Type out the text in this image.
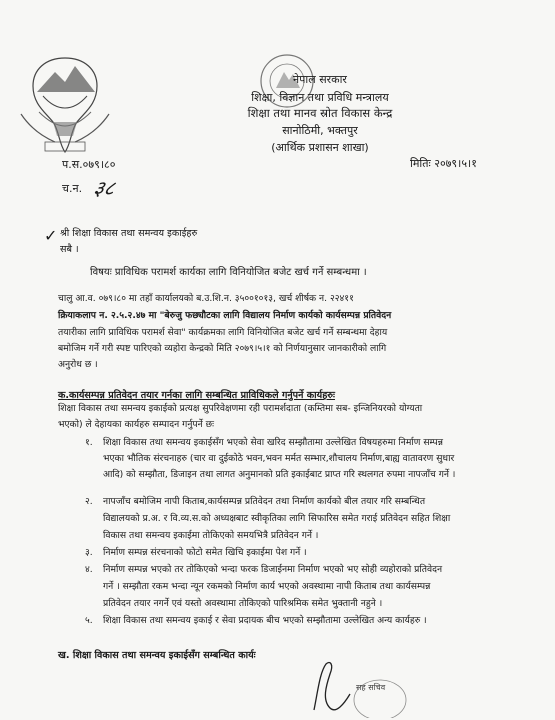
नेपाल सरकार
शिक्षा, विज्ञान तथा प्रविधि मन्त्रालय
शिक्षा तथा मानव स्रोत विकास केन्द्र
सानोठिमी, भक्तपुर
(आर्थिक प्रशासन शाखा)
प.स.०७९।८०	मितिः २०७९।५।१
च.न. ३८
✓ श्री शिक्षा विकास तथा समन्वय इकाईहरु
सबै ।
विषयः प्राविधिक परामर्श कार्यका लागि विनियोजित बजेट खर्च गर्ने सम्बन्धमा ।
चालु आ.व. ०७९।८० मा तहाँ कार्यालयको ब.उ.शि.न. ३५००१०१३, खर्च शीर्षक न. २२४११
क्रियाकलाप न. २.५.२.४७ मा "बेरुजु फछ्यौटका लागि विद्यालय निर्माण कार्यको कार्यसम्पन्न प्रतिवेदन
तयारीका लागि प्राविधिक परामर्श सेवा" कार्यक्रमका लागि विनियोजित बजेट खर्च गर्ने सम्बन्धमा देहाय
बमोजिम गर्ने गरी स्पष्ट पारिएको व्यहोरा केन्द्रको मिति २०७९।५।१ को निर्णयानुसार जानकारीको लागि
अनुरोध छ ।
क.कार्यसम्पन्न प्रतिवेदन तयार गर्नका लागि सम्बन्धित प्राविधिकले गर्नुपर्ने कार्यहरुः
शिक्षा विकास तथा समन्वय इकाईको प्रत्यक्ष सुपरिवेक्षणमा रही परामर्शदाता (कम्तिमा सब- इन्जिनियरको योग्यता
भएको) ले देहायका कार्यहरु सम्पादन गर्नुपर्ने छः
१. शिक्षा विकास तथा समन्वय इकाईसँग भएको सेवा खरिद सम्झौतामा उल्लेखित विषयहरुमा निर्माण सम्पन्न
भएका भौतिक संरचनाहरु (चार वा दुईकोठे भवन,भवन मर्मत सम्भार,शौचालय निर्माण,बाह्य वातावरण सुधार
आदि) को सम्झौता, डिजाइन तथा लागत अनुमानको प्रति इकाईबाट प्राप्त गरि स्थलगत रुपमा नापजाँच गर्ने ।
२. नापजाँच बमोजिम नापी किताब,कार्यसम्पन्न प्रतिवेदन तथा निर्माण कार्यको बील तयार गरि सम्बन्धित
विद्यालयको प्र.अ. र वि.व्य.स.को अध्यक्षबाट स्वीकृतिका लागि सिफारिस समेत गराई प्रतिवेदन सहित शिक्षा
विकास तथा समन्वय इकाईमा तोकिएको समयभित्रै प्रतिवेदन गर्ने ।
३. निर्माण सम्पन्न संरचनाको फोटो समेत खिचि इकाईमा पेश गर्ने ।
४. निर्माण सम्पन्न भएको तर तोकिएको भन्दा फरक डिजाईनमा निर्माण भएको भए सोही व्यहोराको प्रतिवेदन
गर्ने । सम्झौता रकम भन्दा न्यून रकमको निर्माण कार्य भएको अवस्थामा नापी किताब तथा कार्यसम्पन्न
प्रतिवेदन तयार नगर्ने एवं यस्तो अवस्थामा तोकिएको पारिश्रमिक समेत भुक्तानी नहुने ।
५. शिक्षा विकास तथा समन्वय इकाई र सेवा प्रदायक बीच भएको सम्झौतामा उल्लेखित अन्य कार्यहरु ।
ख. शिक्षा विकास तथा समन्वय इकाईसँग सम्बन्धित कार्यः
सह सचिव
